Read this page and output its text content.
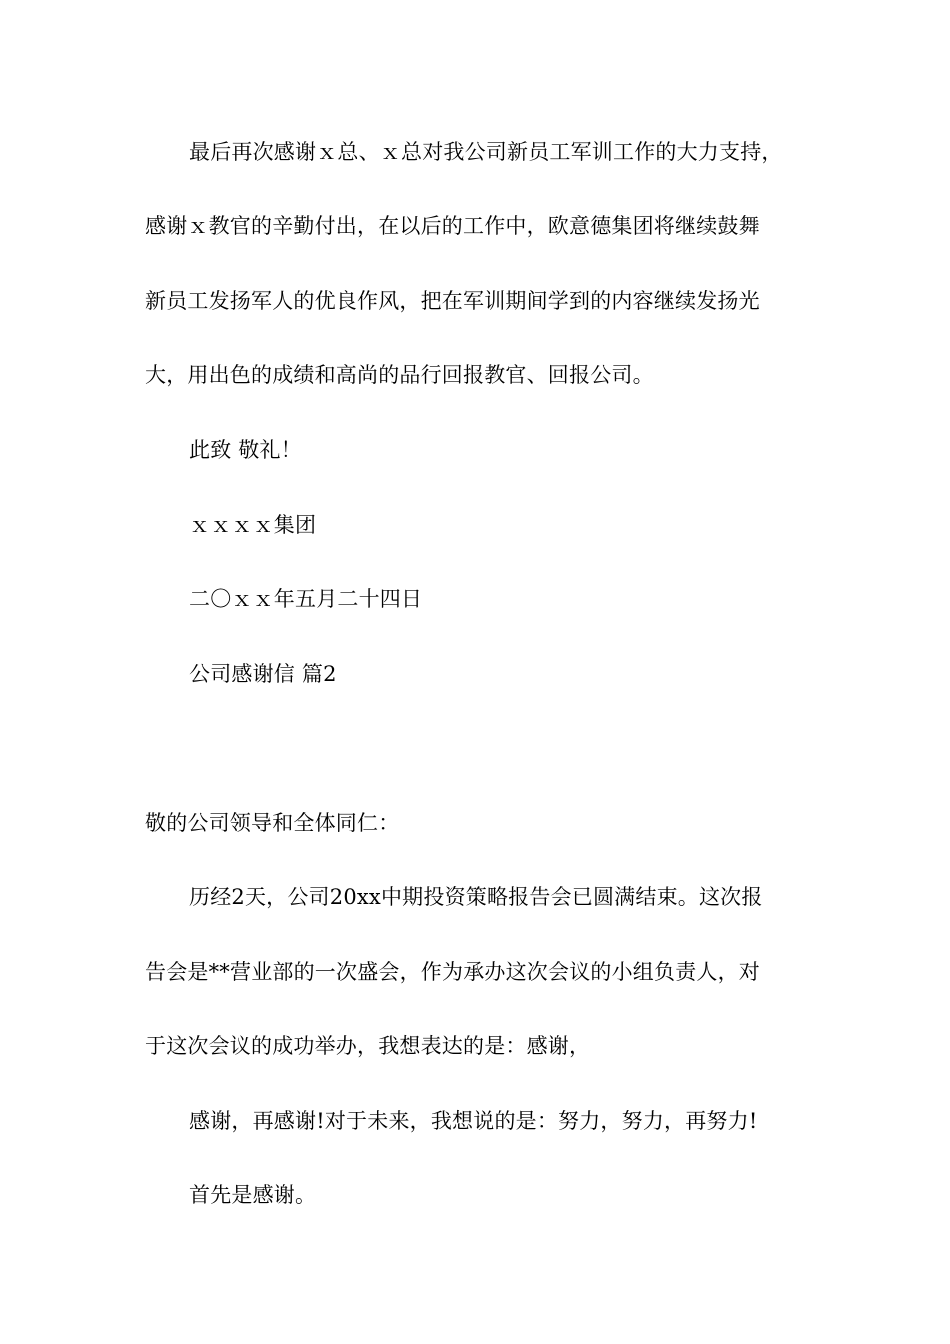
最后再次感谢ｘ总、ｘ总对我公司新员工军训工作的大力支持，
感谢ｘ教官的辛勤付出，在以后的工作中，欧意德集团将继续鼓舞
新员工发扬军人的优良作风，把在军训期间学到的内容继续发扬光
大，用出色的成绩和高尚的品行回报教官、回报公司。
此致 敬礼！
ｘｘｘｘ集团
二〇ｘｘ年五月二十四日
公司感谢信 篇2
敬的公司领导和全体同仁：
历经2天，公司20xx中期投资策略报告会已圆满结束。这次报
告会是**营业部的一次盛会，作为承办这次会议的小组负责人，对
于这次会议的成功举办，我想表达的是：感谢，
感谢，再感谢!对于未来，我想说的是：努力，努力，再努力!
首先是感谢。
